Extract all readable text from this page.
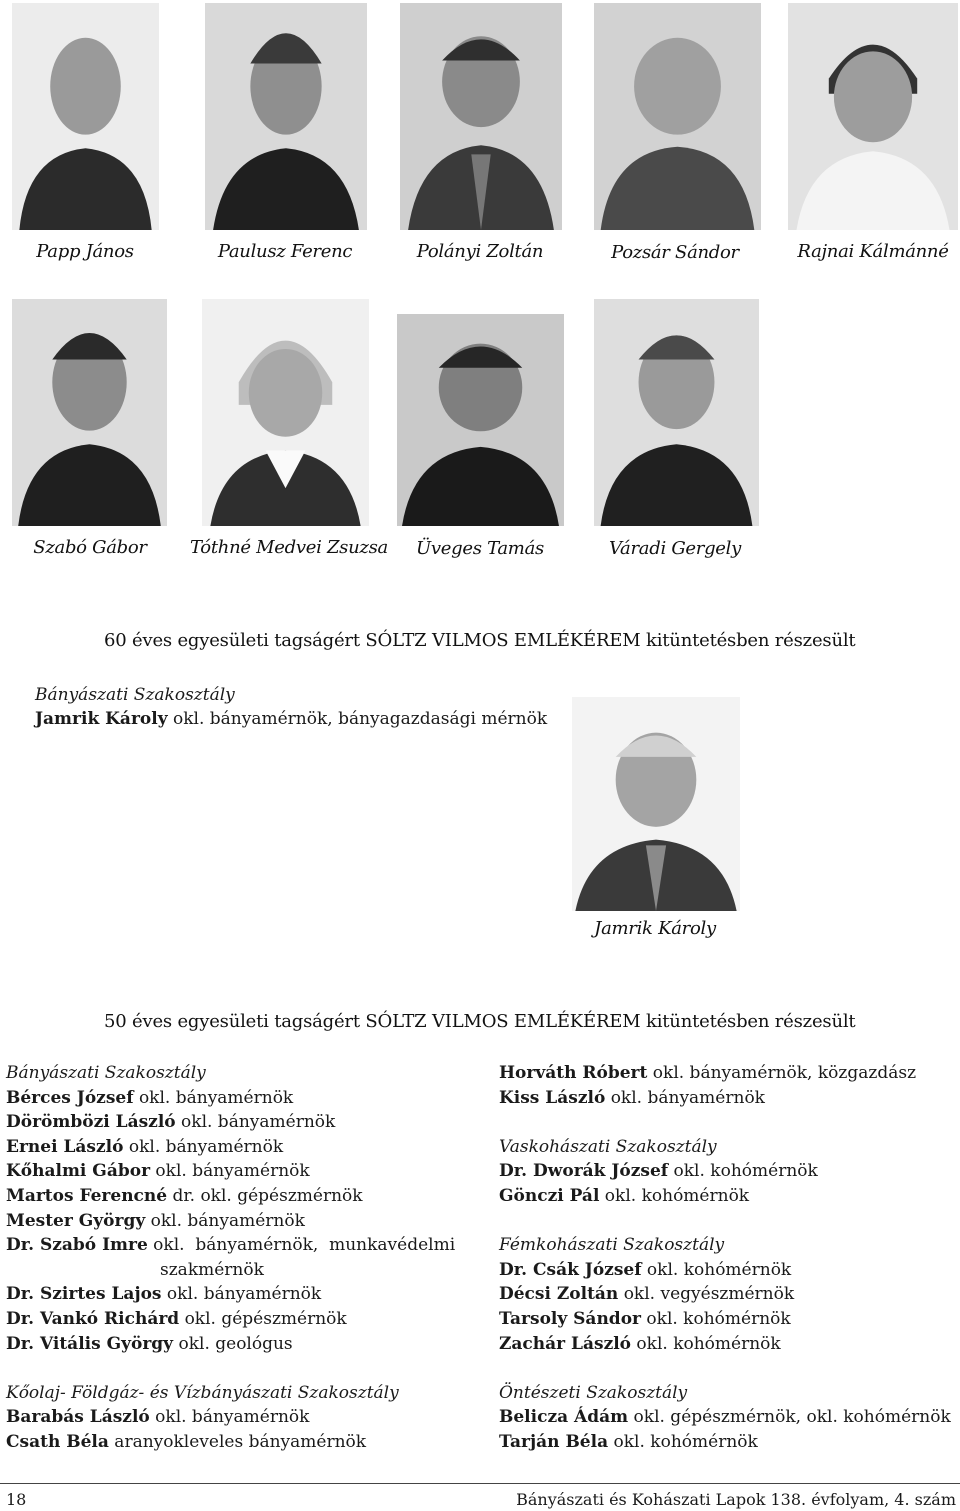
Papp János	Paulusz Ferenc	Polányi Zoltán	Pozsár Sándor	Rajnai Kálmánné
Szabó Gábor	Tóthné Medvei Zsuzsa	Üveges Tamás	Váradi Gergely
60 éves egyesületi tagságért SÓLTZ VILMOS EMLÉKÉREM kitüntetésben részesült
Bányászati Szakosztály
Jamrik Károly okl. bányamérnök, bányagazdasági mérnök
Jamrik Károly
50 éves egyesületi tagságért SÓLTZ VILMOS EMLÉKÉREM kitüntetésben részesült
Bányászati Szakosztály
Bérces József okl. bányamérnök
Dörömbözi László okl. bányamérnök
Ernei László okl. bányamérnök
Kőhalmi Gábor okl. bányamérnök
Martos Ferencné dr. okl. gépészmérnök
Mester György okl. bányamérnök
Dr. Szabó Imre okl.  bányamérnök,  munkavédelmi
szakmérnök
Dr. Szirtes Lajos okl. bányamérnök
Dr. Vankó Richárd okl. gépészmérnök
Dr. Vitális György okl. geológus
Kőolaj- Földgáz- és Vízbányászati Szakosztály
Barabás László okl. bányamérnök
Csath Béla aranyokleveles bányamérnök
Horváth Róbert okl. bányamérnök, közgazdász
Kiss László okl. bányamérnök
Vaskohászati Szakosztály
Dr. Dworák József okl. kohómérnök
Gönczi Pál okl. kohómérnök
Fémkohászati Szakosztály
Dr. Csák József okl. kohómérnök
Décsi Zoltán okl. vegyészmérnök
Tarsoly Sándor okl. kohómérnök
Zachár László okl. kohómérnök
Öntészeti Szakosztály
Belicza Ádám okl. gépészmérnök, okl. kohómérnök
Tarján Béla okl. kohómérnök
18	Bányászati és Kohászati Lapok 138. évfolyam, 4. szám
